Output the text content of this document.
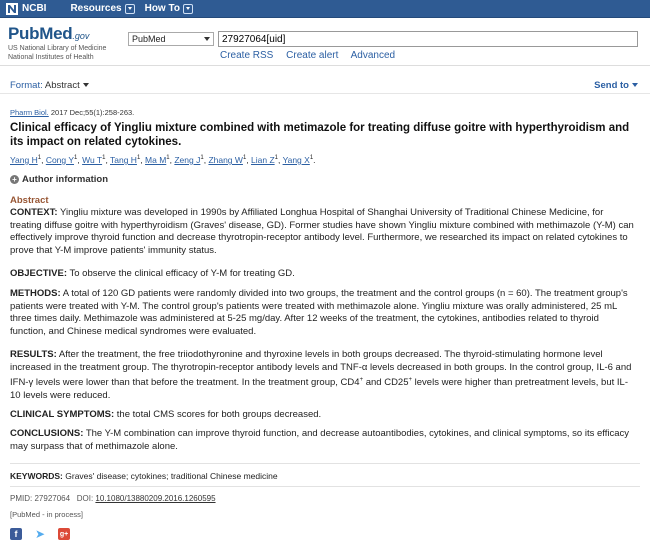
NCBI Resources How To
PubMed.gov
US National Library of Medicine
National Institutes of Health
PubMed
27927064[uid]
Create RSS Create alert Advanced
Format: Abstract	Send to
Pharm Biol. 2017 Dec;55(1):258-263.
Clinical efficacy of Yingliu mixture combined with metimazole for treating diffuse goitre with hyperthyroidism and its impact on related cytokines.
Yang $H^1$, Cong $Y^1$, Wu $T^1$, Tang $H^1$, Ma $M^1$, Zeng $J^1$, Zhang $W^1$, Lian $Z^1$, Yang $X^1$.
+ Author information
Abstract
CONTEXT: Yingliu mixture was developed in 1990s by Affiliated Longhua Hospital of Shanghai University of Traditional Chinese Medicine, for treating diffuse goitre with hyperthyroidism (Graves' disease, GD). Former studies have shown Yingliu mixture combined with methimazole (Y-M) can effectively improve thyroid function and decrease thyrotropin-receptor antibody level. Furthermore, we researched its impact on related cytokines to prove that Y-M improve patients' immunity status.
OBJECTIVE: To observe the clinical efficacy of Y-M for treating GD.
METHODS: A total of 120 GD patients were randomly divided into two groups, the treatment and the control groups (n = 60). The treatment group's patients were treated with Y-M. The control group's patients were treated with methimazole alone. Yingliu mixture was orally administered, 25 mL three times daily. Methimazole was administered at 5-25 mg/day. After 12 weeks of the treatment, the cytokines, antibodies related to thyroid function, and Chinese medical syndromes were evaluated.
RESULTS: After the treatment, the free triiodothyronine and thyroxine levels in both groups decreased. The thyroid-stimulating hormone level increased in the treatment group. The thyrotropin-receptor antibody levels and TNF-α levels decreased in both groups. In the control group, IL-6 and IFN-γ levels were lower than that before the treatment. In the treatment group, CD4+ and CD25+ levels were higher than pretreatment levels, but IL-10 levels were reduced.
CLINICAL SYMPTOMS: the total CMS scores for both groups decreased.
CONCLUSIONS: The Y-M combination can improve thyroid function, and decrease autoantibodies, cytokines, and clinical symptoms, so its efficacy may surpass that of methimazole alone.
KEYWORDS: Graves' disease; cytokines; traditional Chinese medicine
PMID: 27927064 DOI: 10.1080/13880209.2016.1260595
[PubMed - in process]
f	➤ g+
